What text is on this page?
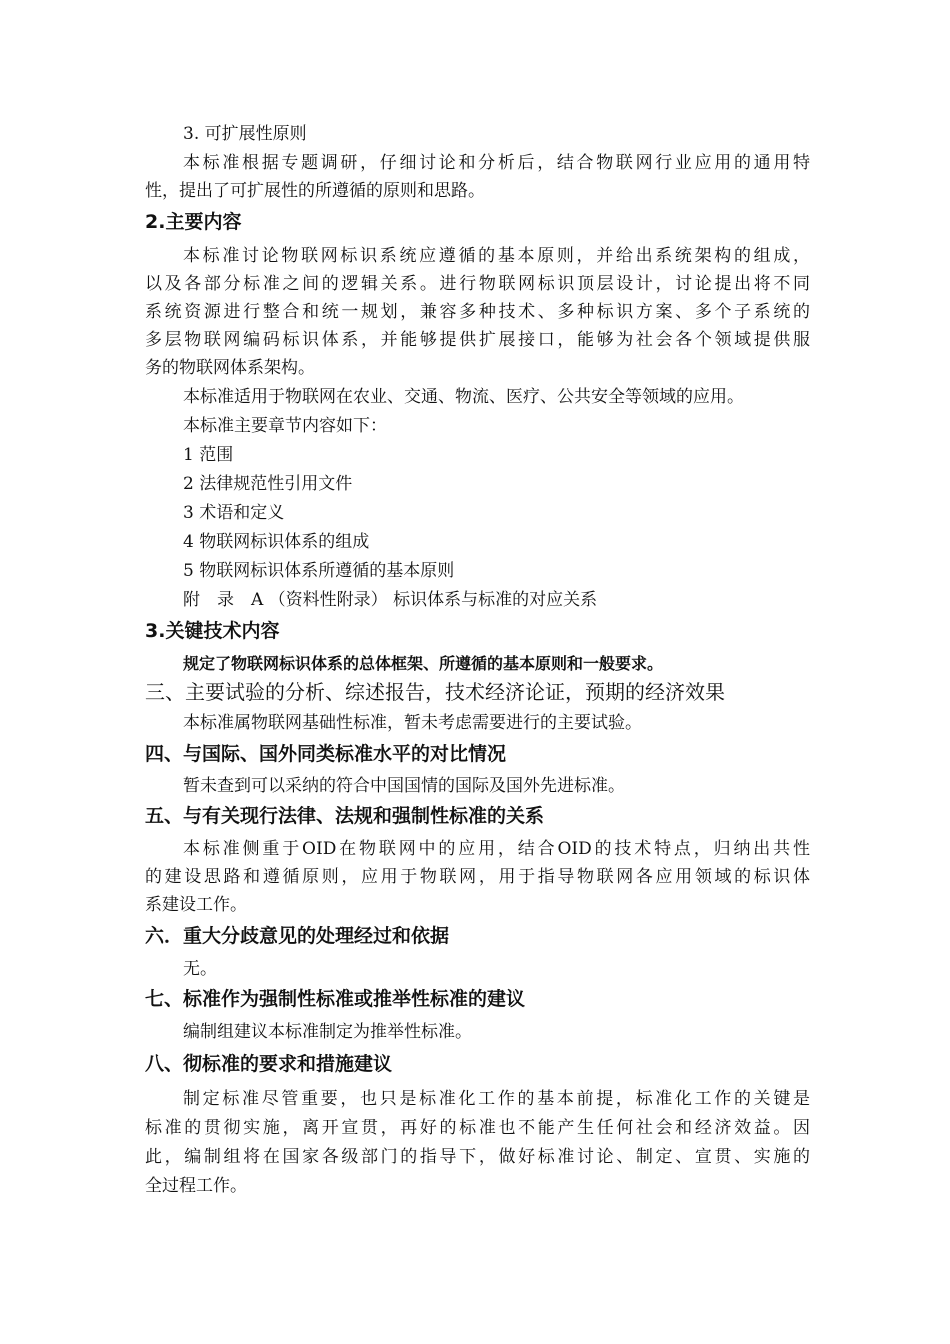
3. 可扩展性原则
本标准根据专题调研，仔细讨论和分析后，结合物联网行业应用的通用特
性，提出了可扩展性的所遵循的原则和思路。
2.主要内容
本标准讨论物联网标识系统应遵循的基本原则，并给出系统架构的组成，
以及各部分标准之间的逻辑关系。进行物联网标识顶层设计，讨论提出将不同
系统资源进行整合和统一规划，兼容多种技术、多种标识方案、多个子系统的
多层物联网编码标识体系，并能够提供扩展接口，能够为社会各个领域提供服
务的物联网体系架构。
本标准适用于物联网在农业、交通、物流、医疗、公共安全等领域的应用。
本标准主要章节内容如下：
1 范围
2 法律规范性引用文件
3 术语和定义
4 物联网标识体系的组成
5 物联网标识体系所遵循的基本原则
附　录　A （资料性附录） 标识体系与标准的对应关系
3.关键技术内容
规定了物联网标识体系的总体框架、所遵循的基本原则和一般要求。
三、主要试验的分析、综述报告，技术经济论证，预期的经济效果
本标准属物联网基础性标准，暂未考虑需要进行的主要试验。
四、与国际、国外同类标准水平的对比情况
暂未查到可以采纳的符合中国国情的国际及国外先进标准。
五、与有关现行法律、法规和强制性标准的关系
本标准侧重于OID在物联网中的应用，结合OID的技术特点，归纳出共性
的建设思路和遵循原则，应用于物联网，用于指导物联网各应用领域的标识体
系建设工作。
六．重大分歧意见的处理经过和依据
无。
七、标准作为强制性标准或推举性标准的建议
编制组建议本标准制定为推举性标准。
八、彻标准的要求和措施建议
制定标准尽管重要，也只是标准化工作的基本前提，标准化工作的关键是
标准的贯彻实施，离开宣贯，再好的标准也不能产生任何社会和经济效益。因
此，编制组将在国家各级部门的指导下，做好标准讨论、制定、宣贯、实施的
全过程工作。
